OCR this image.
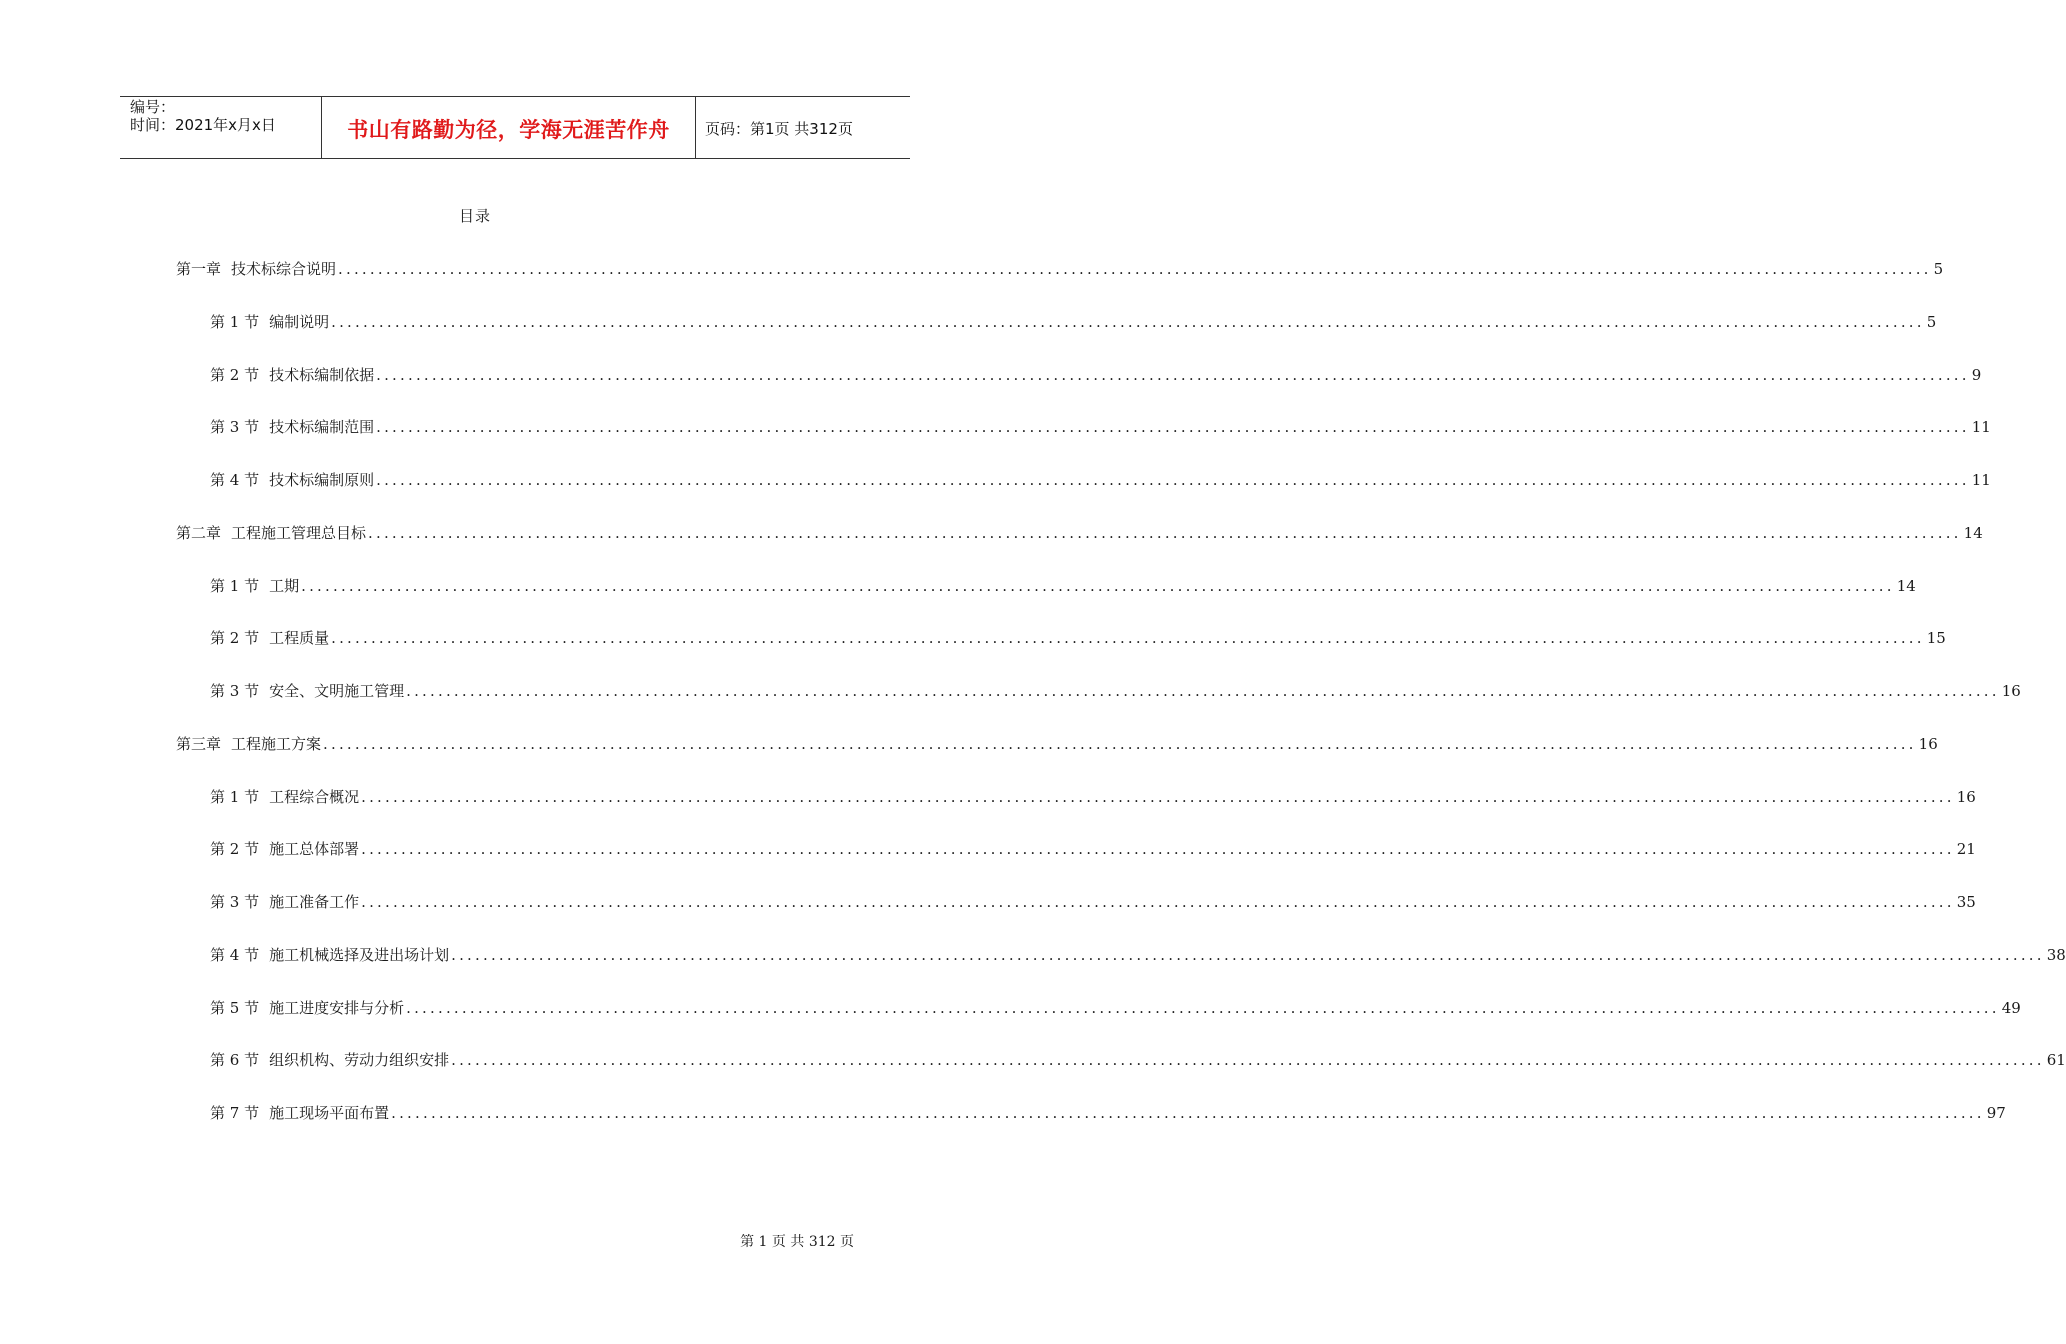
编号：
时间：2021年x月x日	书山有路勤为径，学海无涯苦作舟	页码：第1页 共312页
目录
第一章 技术标综合说明 ........................................................................................................................................................................................................ 5
第 1 节 编制说明 ........................................................................................................................................................................................................ 5
第 2 节 技术标编制依据 ........................................................................................................................................................................................................ 9
第 3 节 技术标编制范围 ........................................................................................................................................................................................................ 11
第 4 节 技术标编制原则 ........................................................................................................................................................................................................ 11
第二章 工程施工管理总目标 ........................................................................................................................................................................................................ 14
第 1 节 工期 ........................................................................................................................................................................................................ 14
第 2 节 工程质量 ........................................................................................................................................................................................................ 15
第 3 节 安全、文明施工管理 ........................................................................................................................................................................................................ 16
第三章 工程施工方案 ........................................................................................................................................................................................................ 16
第 1 节 工程综合概况 ........................................................................................................................................................................................................ 16
第 2 节 施工总体部署 ........................................................................................................................................................................................................ 21
第 3 节 施工准备工作 ........................................................................................................................................................................................................ 35
第 4 节 施工机械选择及进出场计划 ........................................................................................................................................................................................................ 38
第 5 节 施工进度安排与分析 ........................................................................................................................................................................................................ 49
第 6 节 组织机构、劳动力组织安排 ........................................................................................................................................................................................................ 61
第 7 节 施工现场平面布置 ........................................................................................................................................................................................................ 97
第 1 页 共 312 页
